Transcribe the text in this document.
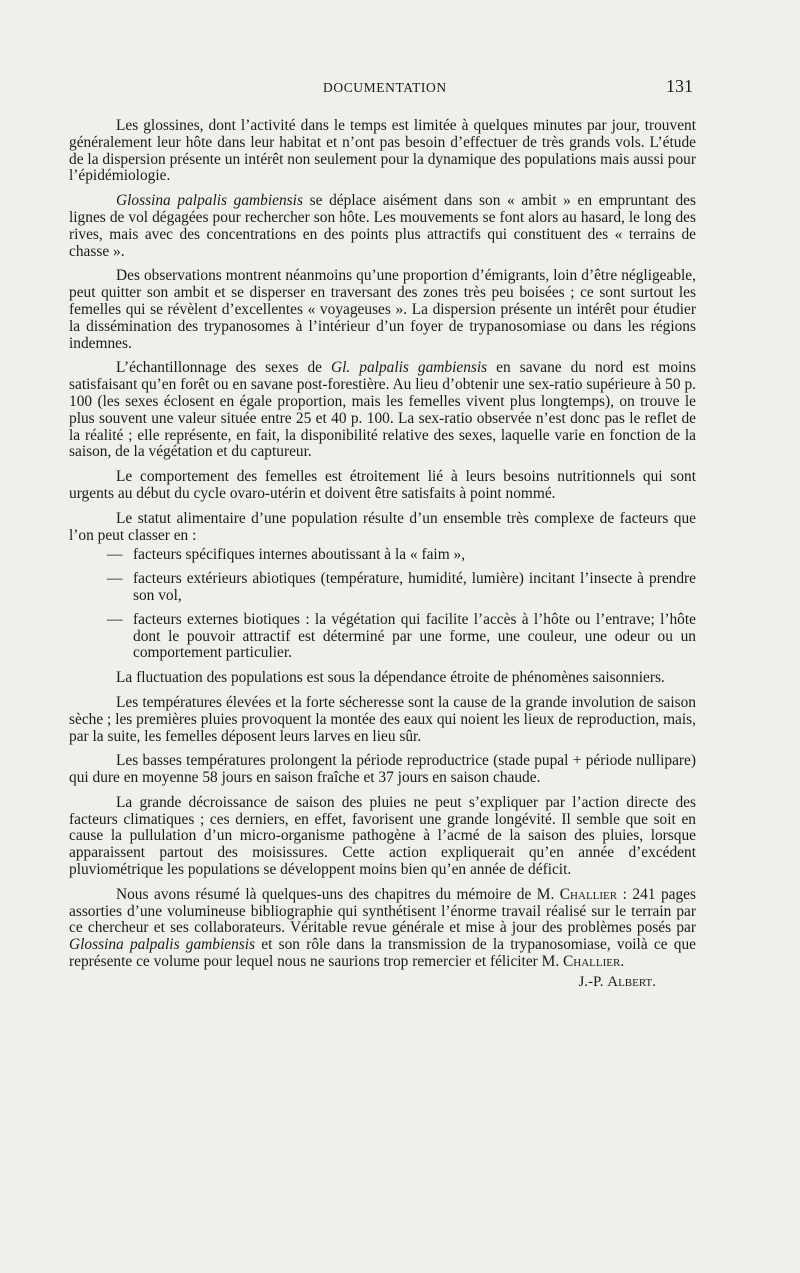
DOCUMENTATION	131

Les glossines, dont l’activité dans le temps est limitée à quelques minutes par jour, trouvent généralement leur hôte dans leur habitat et n’ont pas besoin d’effectuer de très grands vols. L’étude de la dispersion présente un intérêt non seulement pour la dynamique des populations mais aussi pour l’épidémiologie.

Glossina palpalis gambiensis se déplace aisément dans son « ambit » en empruntant des lignes de vol dégagées pour rechercher son hôte. Les mouvements se font alors au hasard, le long des rives, mais avec des concentrations en des points plus attractifs qui constituent des « terrains de chasse ».

Des observations montrent néanmoins qu’une proportion d’émigrants, loin d’être négligeable, peut quitter son ambit et se disperser en traversant des zones très peu boisées ; ce sont surtout les femelles qui se révèlent d’excellentes « voyageuses ». La dispersion présente un intérêt pour étudier la dissémination des trypanosomes à l’intérieur d’un foyer de trypanosomiase ou dans les régions indemnes.

L’échantillonnage des sexes de Gl. palpalis gambiensis en savane du nord est moins satisfaisant qu’en forêt ou en savane post-forestière. Au lieu d’obtenir une sex-ratio supérieure à 50 p. 100 (les sexes éclosent en égale proportion, mais les femelles vivent plus longtemps), on trouve le plus souvent une valeur située entre 25 et 40 p. 100. La sex-ratio observée n’est donc pas le reflet de la réalité ; elle représente, en fait, la disponibilité relative des sexes, laquelle varie en fonction de la saison, de la végétation et du captureur.

Le comportement des femelles est étroitement lié à leurs besoins nutritionnels qui sont urgents au début du cycle ovaro-utérin et doivent être satisfaits à point nommé.

Le statut alimentaire d’une population résulte d’un ensemble très complexe de facteurs que l’on peut classer en :

— facteurs spécifiques internes aboutissant à la « faim »,
— facteurs extérieurs abiotiques (température, humidité, lumière) incitant l’insecte à prendre son vol,
— facteurs externes biotiques : la végétation qui facilite l’accès à l’hôte ou l’entrave; l’hôte dont le pouvoir attractif est déterminé par une forme, une couleur, une odeur ou un comportement particulier.

La fluctuation des populations est sous la dépendance étroite de phénomènes saisonniers.

Les températures élevées et la forte sécheresse sont la cause de la grande involution de saison sèche ; les premières pluies provoquent la montée des eaux qui noient les lieux de reproduction, mais, par la suite, les femelles déposent leurs larves en lieu sûr.

Les basses températures prolongent la période reproductrice (stade pupal + période nullipare) qui dure en moyenne 58 jours en saison fraîche et 37 jours en saison chaude.

La grande décroissance de saison des pluies ne peut s’expliquer par l’action directe des facteurs climatiques ; ces derniers, en effet, favorisent une grande longévité. Il semble que soit en cause la pullulation d’un micro-organisme pathogène à l’acmé de la saison des pluies, lorsque apparaissent partout des moisissures. Cette action expliquerait qu’en année d’excédent pluviométrique les populations se développent moins bien qu’en année de déficit.

Nous avons résumé là quelques-uns des chapitres du mémoire de M. Challier : 241 pages assorties d’une volumineuse bibliographie qui synthétisent l’énorme travail réalisé sur le terrain par ce chercheur et ses collaborateurs. Véritable revue générale et mise à jour des problèmes posés par Glossina palpalis gambiensis et son rôle dans la transmission de la trypanosomiase, voilà ce que représente ce volume pour lequel nous ne saurions trop remercier et féliciter M. Challier.

J.-P. Albert.
